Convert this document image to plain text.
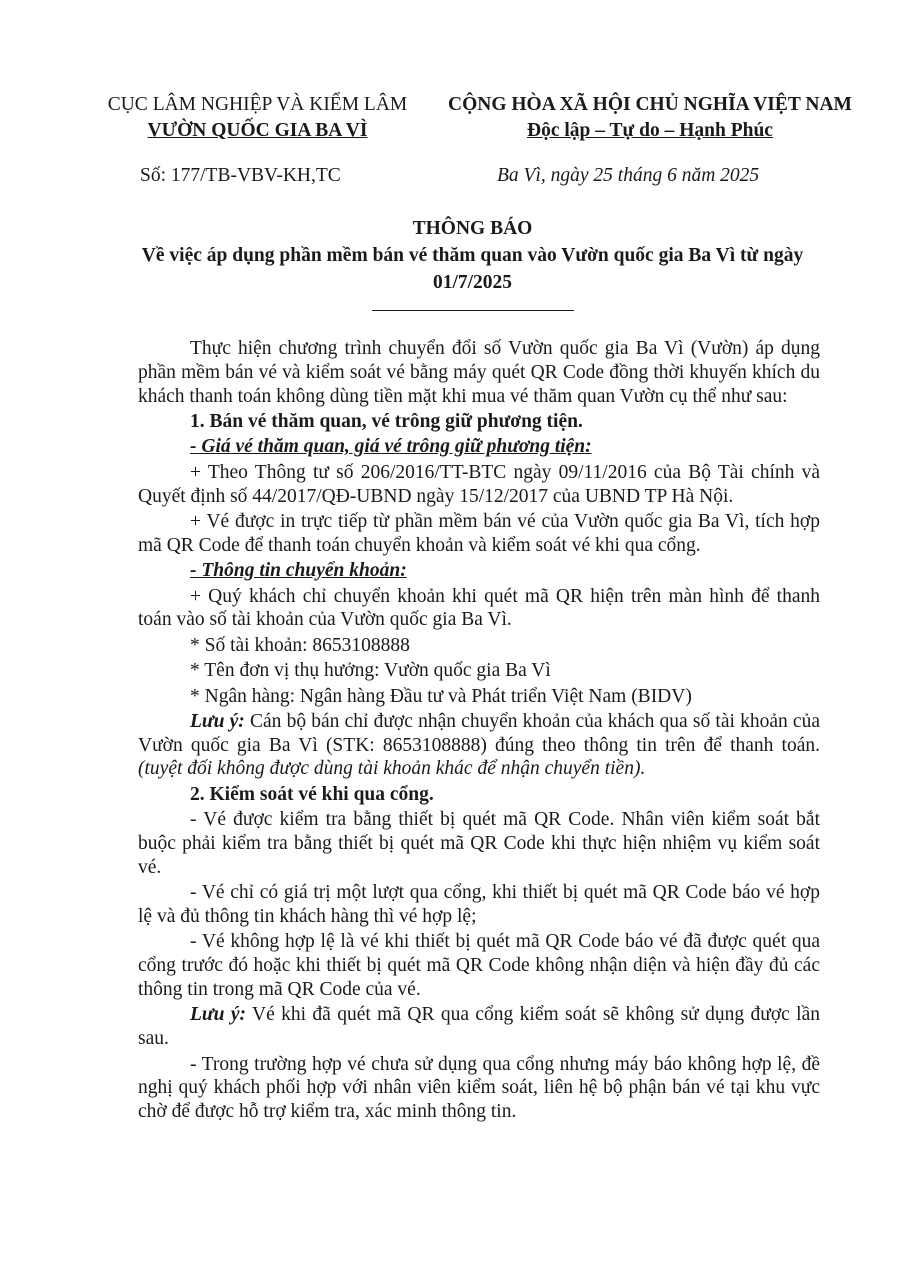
CỤC LÂM NGHIỆP VÀ KIỂM LÂM
VƯỜN QUỐC GIA BA VÌ
CỘNG HÒA XÃ HỘI CHỦ NGHĨA VIỆT NAM
Độc lập – Tự do – Hạnh Phúc
Số: 177/TB-VBV-KH,TC	Ba Vì, ngày 25 tháng 6 năm 2025
THÔNG BÁO
Về việc áp dụng phần mềm bán vé thăm quan vào Vườn quốc gia Ba Vì từ ngày 01/7/2025

Thực hiện chương trình chuyển đổi số Vườn quốc gia Ba Vì (Vườn) áp dụng phần mềm bán vé và kiểm soát vé bằng máy quét QR Code đồng thời khuyến khích du khách thanh toán không dùng tiền mặt khi mua vé thăm quan Vườn cụ thể như sau:

1. Bán vé thăm quan, vé trông giữ phương tiện.

- Giá vé thăm quan, giá vé trông giữ phương tiện:

+ Theo Thông tư số 206/2016/TT-BTC ngày 09/11/2016 của Bộ Tài chính và Quyết định số 44/2017/QĐ-UBND ngày 15/12/2017 của UBND TP Hà Nội.

+ Vé được in trực tiếp từ phần mềm bán vé của Vườn quốc gia Ba Vì, tích hợp mã QR Code để thanh toán chuyển khoản và kiểm soát vé khi qua cổng.

- Thông tin chuyển khoản:

+ Quý khách chỉ chuyển khoản khi quét mã QR hiện trên màn hình để thanh toán vào số tài khoản của Vườn quốc gia Ba Vì.

* Số tài khoản: 8653108888

* Tên đơn vị thụ hưởng: Vườn quốc gia Ba Vì

* Ngân hàng: Ngân hàng Đầu tư và Phát triển Việt Nam (BIDV)

Lưu ý: Cán bộ bán chỉ được nhận chuyển khoản của khách qua số tài khoản của Vườn quốc gia Ba Vì (STK: 8653108888) đúng theo thông tin trên để thanh toán. (tuyệt đối không được dùng tài khoản khác để nhận chuyển tiền).

2. Kiểm soát vé khi qua cổng.

- Vé được kiểm tra bằng thiết bị quét mã QR Code. Nhân viên kiểm soát bắt buộc phải kiểm tra bằng thiết bị quét mã QR Code khi thực hiện nhiệm vụ kiểm soát vé.

- Vé chỉ có giá trị một lượt qua cổng, khi thiết bị quét mã QR Code báo vé hợp lệ và đủ thông tin khách hàng thì vé hợp lệ;

- Vé không hợp lệ là vé khi thiết bị quét mã QR Code báo vé đã được quét qua cổng trước đó hoặc khi thiết bị quét mã QR Code không nhận diện và hiện đầy đủ các thông tin trong mã QR Code của vé.

Lưu ý: Vé khi đã quét mã QR qua cổng kiểm soát sẽ không sử dụng được lần sau.

- Trong trường hợp vé chưa sử dụng qua cổng nhưng máy báo không hợp lệ, đề nghị quý khách phối hợp với nhân viên kiểm soát, liên hệ bộ phận bán vé tại khu vực chờ để được hỗ trợ kiểm tra, xác minh thông tin.
